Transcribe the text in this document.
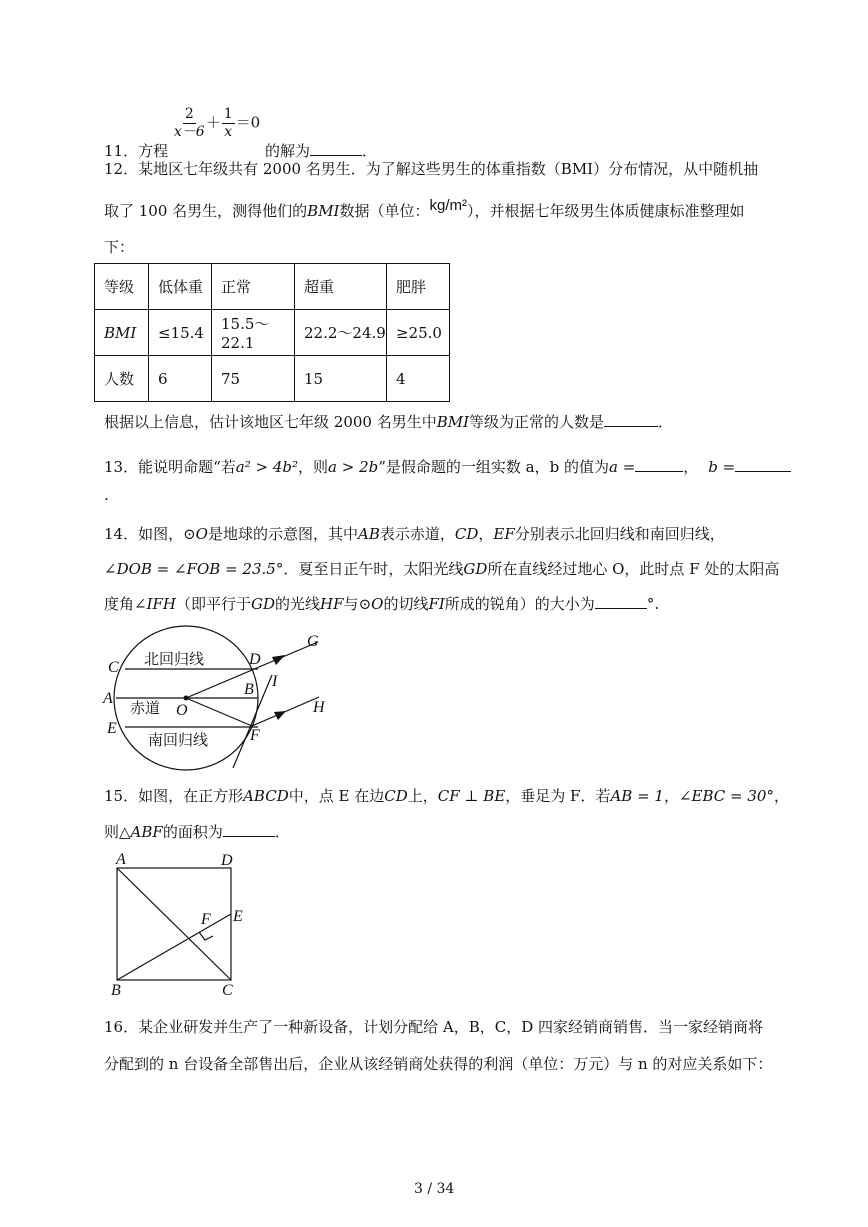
11．方程
$\frac{2}{x-6} + \frac{1}{x} =0$ 的解为	．
12．某地区七年级共有 2000 名男生．为了解这些男生的体重指数（BMI）分布情况，从中随机抽
取了 100 名男生，测得他们的BMI数据（单位：kg/m²），并根据七年级男生体质健康标准整理如
下：
等级	低体重	正常	超重	肥胖
BMI	≤15.4	15.5～22.1	22.2～24.9	≥25.0
人数	6	75	15	4
根据以上信息，估计该地区七年级 2000 名男生中BMI等级为正常的人数是	．
13．能说明命题“若a² > 4b²，则a > 2b”是假命题的一组实数 a，b 的值为a =	， b =
.
14．如图，⊙O是地球的示意图，其中AB表示赤道，CD，EF分别表示北回归线和南回归线，
∠DOB = ∠FOB = 23.5°．夏至日正午时，太阳光线GD所在直线经过地心 O，此时点 F 处的太阳高
度角∠IFH（即平行于GD的光线HF与⊙O的切线FI所成的锐角）的大小为	°.
C	D
G
A
B I
O	H
E	F
北回归线
赤道
南回归线
A	D
F E
B	C
15．如图，在正方形ABCD中，点 E 在边CD上，CF ⊥ BE，垂足为 F．若AB = 1，∠EBC = 30°，
则△ABF的面积为	．
16．某企业研发并生产了一种新设备，计划分配给 A，B，C，D 四家经销商销售．当一家经销商将
分配到的 n 台设备全部售出后，企业从该经销商处获得的利润（单位：万元）与 n 的对应关系如下：
3 / 34
